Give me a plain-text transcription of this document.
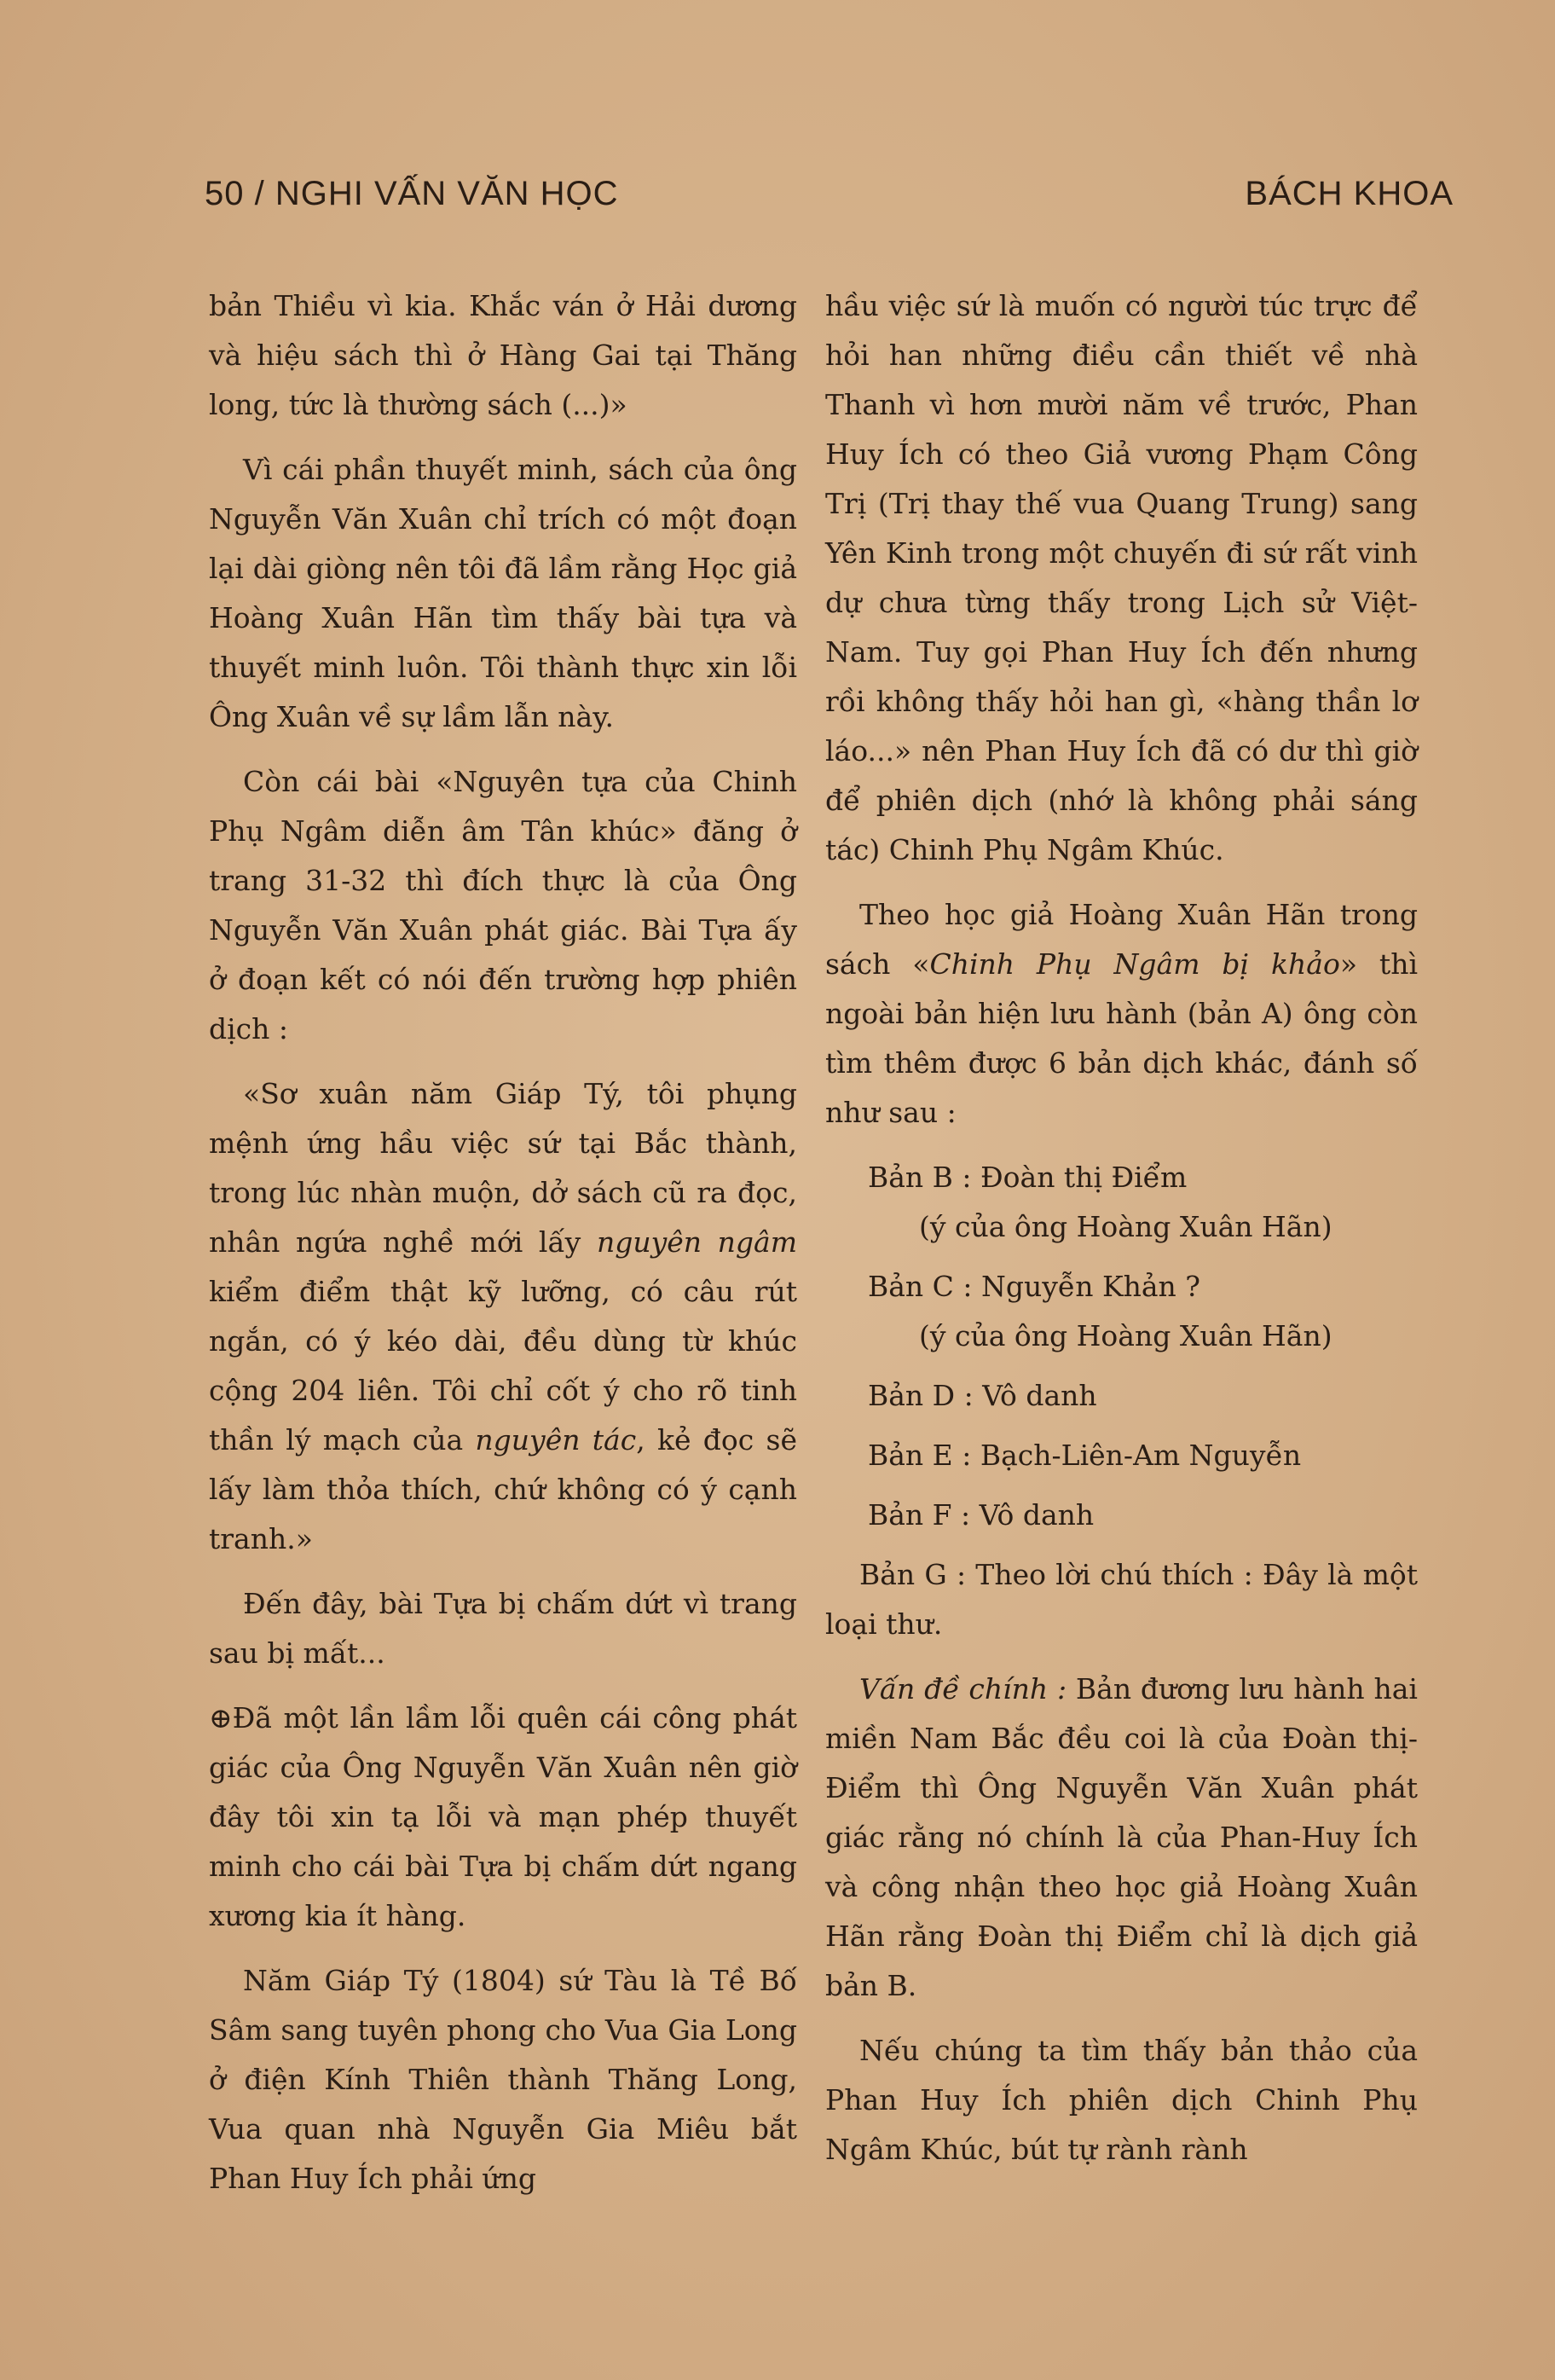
50 / NGHI VẤN VĂN HỌC	BÁCH KHOA

bản Thiều vì kia. Khắc ván ở Hải dương và hiệu sách thì ở Hàng Gai tại Thăng long, tức là thường sách (...)»

Vì cái phần thuyết minh, sách của ông Nguyễn Văn Xuân chỉ trích có một đoạn lại dài giòng nên tôi đã lầm rằng Học giả Hoàng Xuân Hãn tìm thấy bài tựa và thuyết minh luôn. Tôi thành thực xin lỗi Ông Xuân về sự lầm lẫn này.

Còn cái bài «Nguyên tựa của Chinh Phụ Ngâm diễn âm Tân khúc» đăng ở trang 31-32 thì đích thực là của Ông Nguyễn Văn Xuân phát giác. Bài Tựa ấy ở đoạn kết có nói đến trường hợp phiên dịch :

«Sơ xuân năm Giáp Tý, tôi phụng mệnh ứng hầu việc sứ tại Bắc thành, trong lúc nhàn muộn, dở sách cũ ra đọc, nhân ngứa nghề mới lấy nguyên ngâm kiểm điểm thật kỹ lưỡng, có câu rút ngắn, có ý kéo dài, đều dùng từ khúc cộng 204 liên. Tôi chỉ cốt ý cho rõ tinh thần lý mạch của nguyên tác, kẻ đọc sẽ lấy làm thỏa thích, chứ không có ý cạnh tranh.»

Đến đây, bài Tựa bị chấm dứt vì trang sau bị mất...

⊕Đã một lần lầm lỗi quên cái công phát giác của Ông Nguyễn Văn Xuân nên giờ đây tôi xin tạ lỗi và mạn phép thuyết minh cho cái bài Tựa bị chấm dứt ngang xương kia ít hàng.

Năm Giáp Tý (1804) sứ Tàu là Tề Bố Sâm sang tuyên phong cho Vua Gia Long ở điện Kính Thiên thành Thăng Long, Vua quan nhà Nguyễn Gia Miêu bắt Phan Huy Ích phải ứng

hầu việc sứ là muốn có người túc trực để hỏi han những điều cần thiết về nhà Thanh vì hơn mười năm về trước, Phan Huy Ích có theo Giả vương Phạm Công Trị (Trị thay thế vua Quang Trung) sang Yên Kinh trong một chuyến đi sứ rất vinh dự chưa từng thấy trong Lịch sử Việt-Nam. Tuy gọi Phan Huy Ích đến nhưng rồi không thấy hỏi han gì, «hàng thần lơ láo...» nên Phan Huy Ích đã có dư thì giờ để phiên dịch (nhớ là không phải sáng tác) Chinh Phụ Ngâm Khúc.

Theo học giả Hoàng Xuân Hãn trong sách «Chinh Phụ Ngâm bị khảo» thì ngoài bản hiện lưu hành (bản A) ông còn tìm thêm được 6 bản dịch khác, đánh số như sau :

Bản B : Đoàn thị Điểm
(ý của ông Hoàng Xuân Hãn)
Bản C : Nguyễn Khản ?
(ý của ông Hoàng Xuân Hãn)
Bản D : Vô danh
Bản E : Bạch-Liên-Am Nguyễn
Bản F : Vô danh

Bản G : Theo lời chú thích : Đây là một loại thư.

Vấn đề chính : Bản đương lưu hành hai miền Nam Bắc đều coi là của Đoàn thị-Điểm thì Ông Nguyễn Văn Xuân phát giác rằng nó chính là của Phan-Huy Ích và công nhận theo học giả Hoàng Xuân Hãn rằng Đoàn thị Điểm chỉ là dịch giả bản B.

Nếu chúng ta tìm thấy bản thảo của Phan Huy Ích phiên dịch Chinh Phụ Ngâm Khúc, bút tự rành rành
